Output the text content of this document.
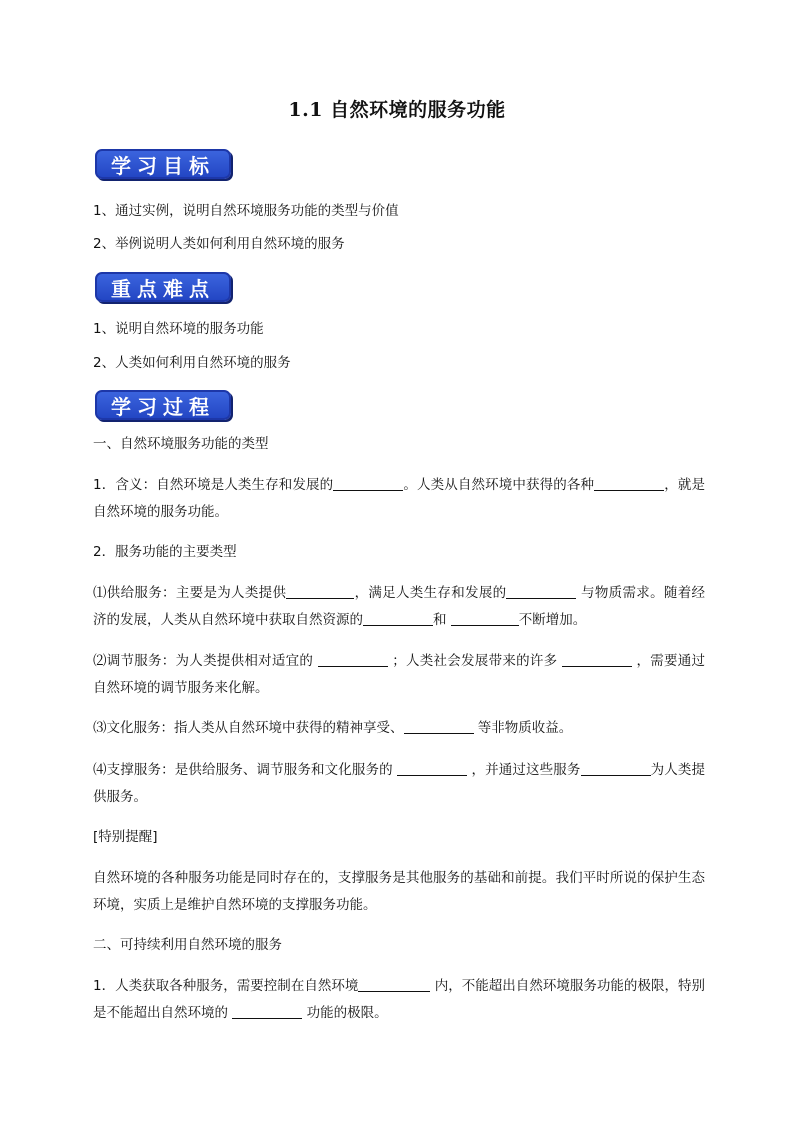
1.1 自然环境的服务功能
学习目标
1、通过实例，说明自然环境服务功能的类型与价值
2、举例说明人类如何利用自然环境的服务
重点难点
1、说明自然环境的服务功能
2、人类如何利用自然环境的服务
学习过程
一、自然环境服务功能的类型
1．含义：自然环境是人类生存和发展的	。人类从自然环境中获得的各种	，就是自然环境的服务功能。
2．服务功能的主要类型
⑴供给服务：主要是为人类提供	，满足人类生存和发展的	与物质需求。随着经济的发展，人类从自然环境中获取自然资源的	和	不断增加。
⑵调节服务：为人类提供相对适宜的	；人类社会发展带来的许多	，需要通过自然环境的调节服务来化解。
⑶文化服务：指人类从自然环境中获得的精神享受、	等非物质收益。
⑷支撑服务：是供给服务、调节服务和文化服务的	，并通过这些服务	为人类提供服务。
[特别提醒]
自然环境的各种服务功能是同时存在的，支撑服务是其他服务的基础和前提。我们平时所说的保护生态环境，实质上是维护自然环境的支撑服务功能。
二、可持续利用自然环境的服务
1．人类获取各种服务，需要控制在自然环境	内，不能超出自然环境服务功能的极限，特别是不能超出自然环境的	功能的极限。
